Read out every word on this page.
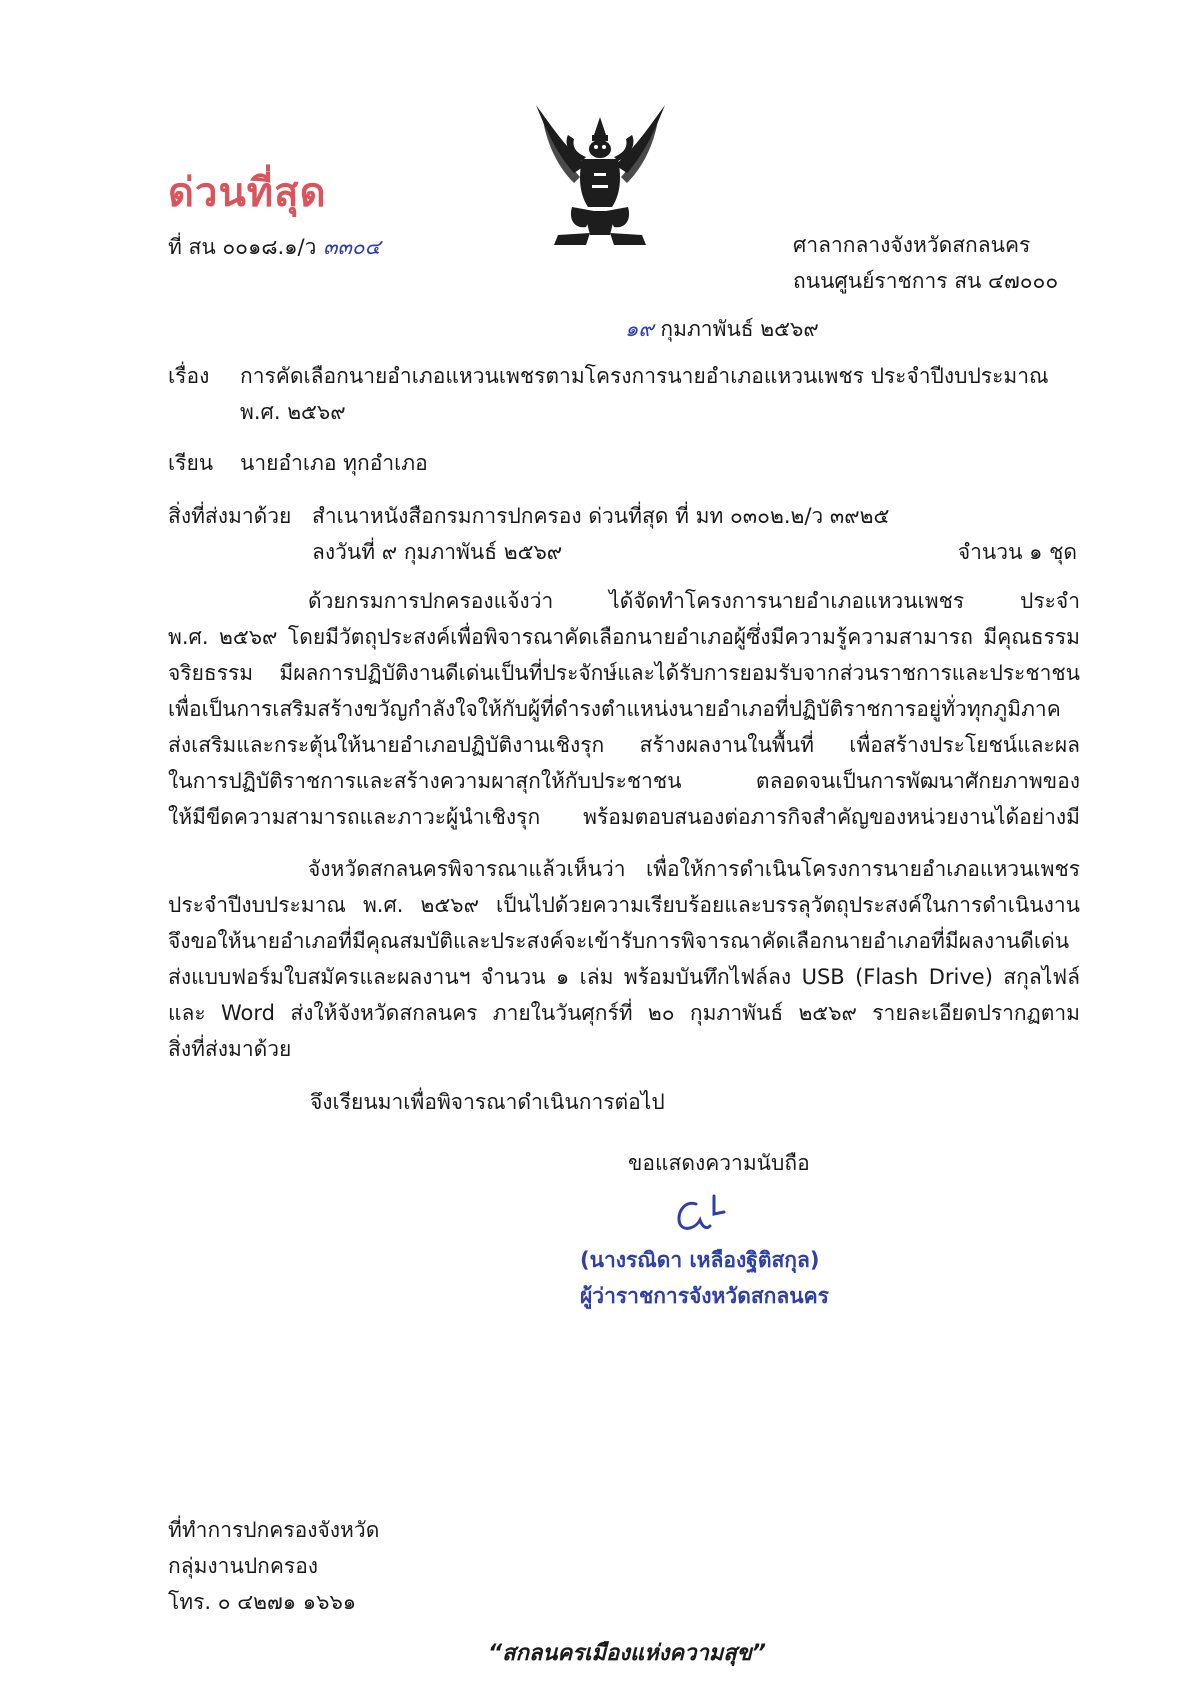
ด่วนที่สุด
ที่ สน ๐๐๑๘.๑/ว ๓๓๐๔	ศาลากลางจังหวัดสกลนคร
ถนนศูนย์ราชการ สน ๔๗๐๐๐
๑๙ กุมภาพันธ์ ๒๕๖๙
เรื่อง การคัดเลือกนายอำเภอแหวนเพชรตามโครงการนายอำเภอแหวนเพชร ประจำปีงบประมาณ
พ.ศ. ๒๕๖๙
เรียน นายอำเภอ ทุกอำเภอ
สิ่งที่ส่งมาด้วย สำเนาหนังสือกรมการปกครอง ด่วนที่สุด ที่ มท ๐๓๐๒.๒/ว ๓๙๒๕
ลงวันที่ ๙ กุมภาพันธ์ ๒๕๖๙	จำนวน ๑ ชุด
ด้วยกรมการปกครองแจ้งว่า ได้จัดทำโครงการนายอำเภอแหวนเพชร ประจำ
พ.ศ. ๒๕๖๙ โดยมีวัตถุประสงค์เพื่อพิจารณาคัดเลือกนายอำเภอผู้ซึ่งมีความรู้ความสามารถ มีคุณธรรม
จริยธรรม มีผลการปฏิบัติงานดีเด่นเป็นที่ประจักษ์และได้รับการยอมรับจากส่วนราชการและประชาชน
เพื่อเป็นการเสริมสร้างขวัญกำลังใจให้กับผู้ที่ดำรงตำแหน่งนายอำเภอที่ปฏิบัติราชการอยู่ทั่วทุกภูมิภาค
ส่งเสริมและกระตุ้นให้นายอำเภอปฏิบัติงานเชิงรุก สร้างผลงานในพื้นที่ เพื่อสร้างประโยชน์และผล
ในการปฏิบัติราชการและสร้างความผาสุกให้กับประชาชน ตลอดจนเป็นการพัฒนาศักยภาพของ
ให้มีขีดความสามารถและภาวะผู้นำเชิงรุก พร้อมตอบสนองต่อภารกิจสำคัญของหน่วยงานได้อย่างมี
จังหวัดสกลนครพิจารณาแล้วเห็นว่า เพื่อให้การดำเนินโครงการนายอำเภอแหวนเพชร
ประจำปีงบประมาณ พ.ศ. ๒๕๖๙ เป็นไปด้วยความเรียบร้อยและบรรลุวัตถุประสงค์ในการดำเนินงาน
จึงขอให้นายอำเภอที่มีคุณสมบัติและประสงค์จะเข้ารับการพิจารณาคัดเลือกนายอำเภอที่มีผลงานดีเด่น
ส่งแบบฟอร์มใบสมัครและผลงานฯ จำนวน ๑ เล่ม พร้อมบันทึกไฟล์ลง USB (Flash Drive) สกุลไฟล์
และ Word ส่งให้จังหวัดสกลนคร ภายในวันศุกร์ที่ ๒๐ กุมภาพันธ์ ๒๕๖๙ รายละเอียดปรากฏตาม
สิ่งที่ส่งมาด้วย
จึงเรียนมาเพื่อพิจารณาดำเนินการต่อไป
ขอแสดงความนับถือ
(นางรณิดา เหลืองฐิติสกุล)
ผู้ว่าราชการจังหวัดสกลนคร
ที่ทำการปกครองจังหวัด
กลุ่มงานปกครอง
โทร. ๐ ๔๒๗๑ ๑๖๖๑
“สกลนครเมืองแห่งความสุข”
